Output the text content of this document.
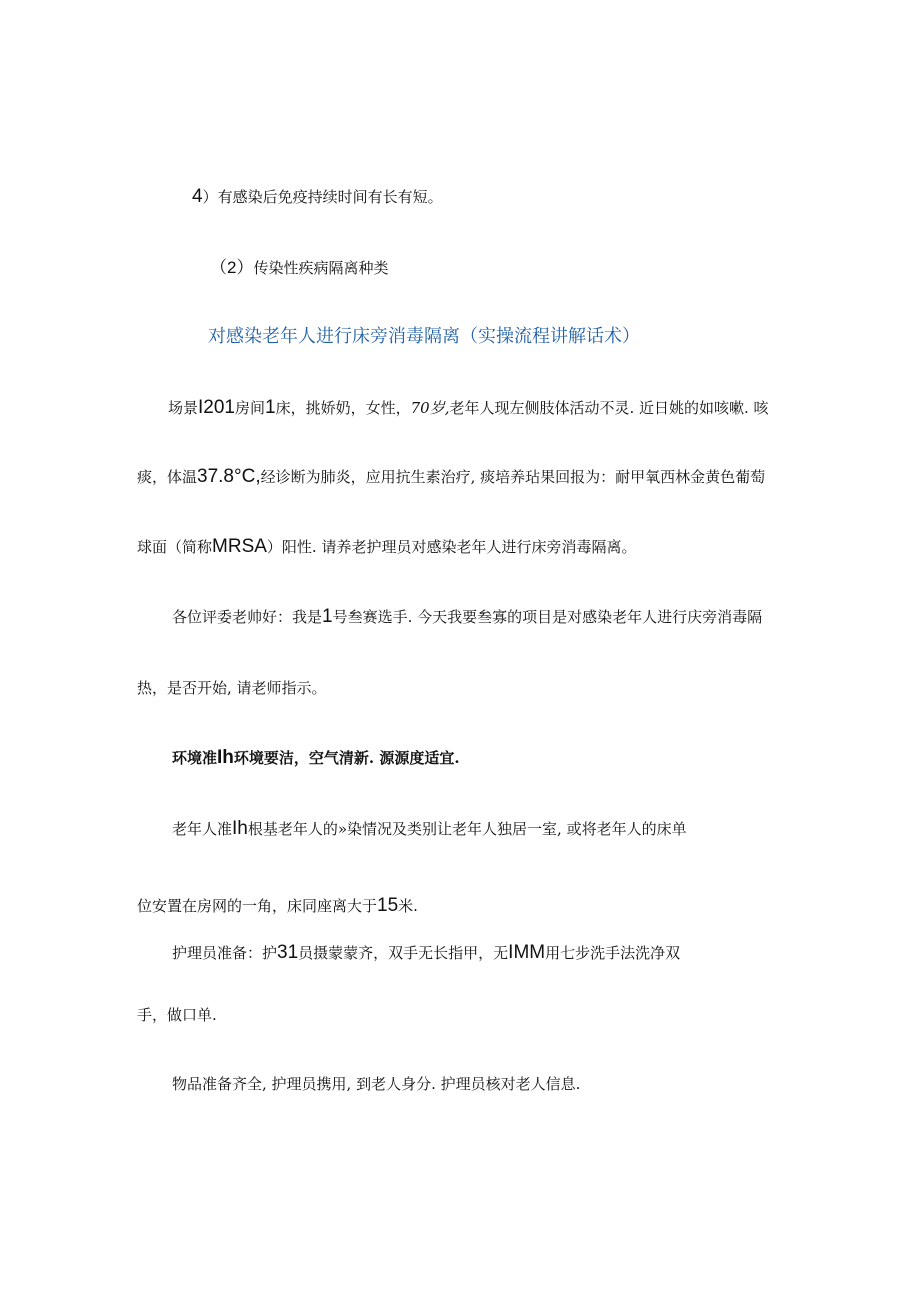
4）有感染后免疫持续时间有长有短。
（2）传染性疾病隔离种类
对感染老年人进行床旁消毒隔离（实操流程讲解话术）
场景I201房间1床，挑娇奶，女性，70岁,老年人现左侧肢体活动不灵. 近日姚的如咳嗽. 咳
痰，体温37.8°C,经诊断为肺炎，应用抗生素治疗, 痰培养玷果回报为：耐甲氧西林金黄色葡萄
球面（简称MRSA）阳性. 请养老护理员对感染老年人进行床旁消毒隔离。
各位评委老帅好：我是1号叁赛选手. 今天我要叁寡的项目是对感染老年人进行庆旁消毒隔
热，是否开始, 请老师指示。
环境准Ih环境要洁，空气清新. 源源度适宜.
老年人准Ih根基老年人的»染情况及类别让老年人独居一室, 或将老年人的床单
位安置在房网的一角，床同座离大于15米.
护理员准备：护31员摄蒙蒙齐，双手无长指甲，无IMM用七步洗手法洗净双
手，做口单.
物品准备齐全, 护理员携用, 到老人身分. 护理员核对老人信息.
